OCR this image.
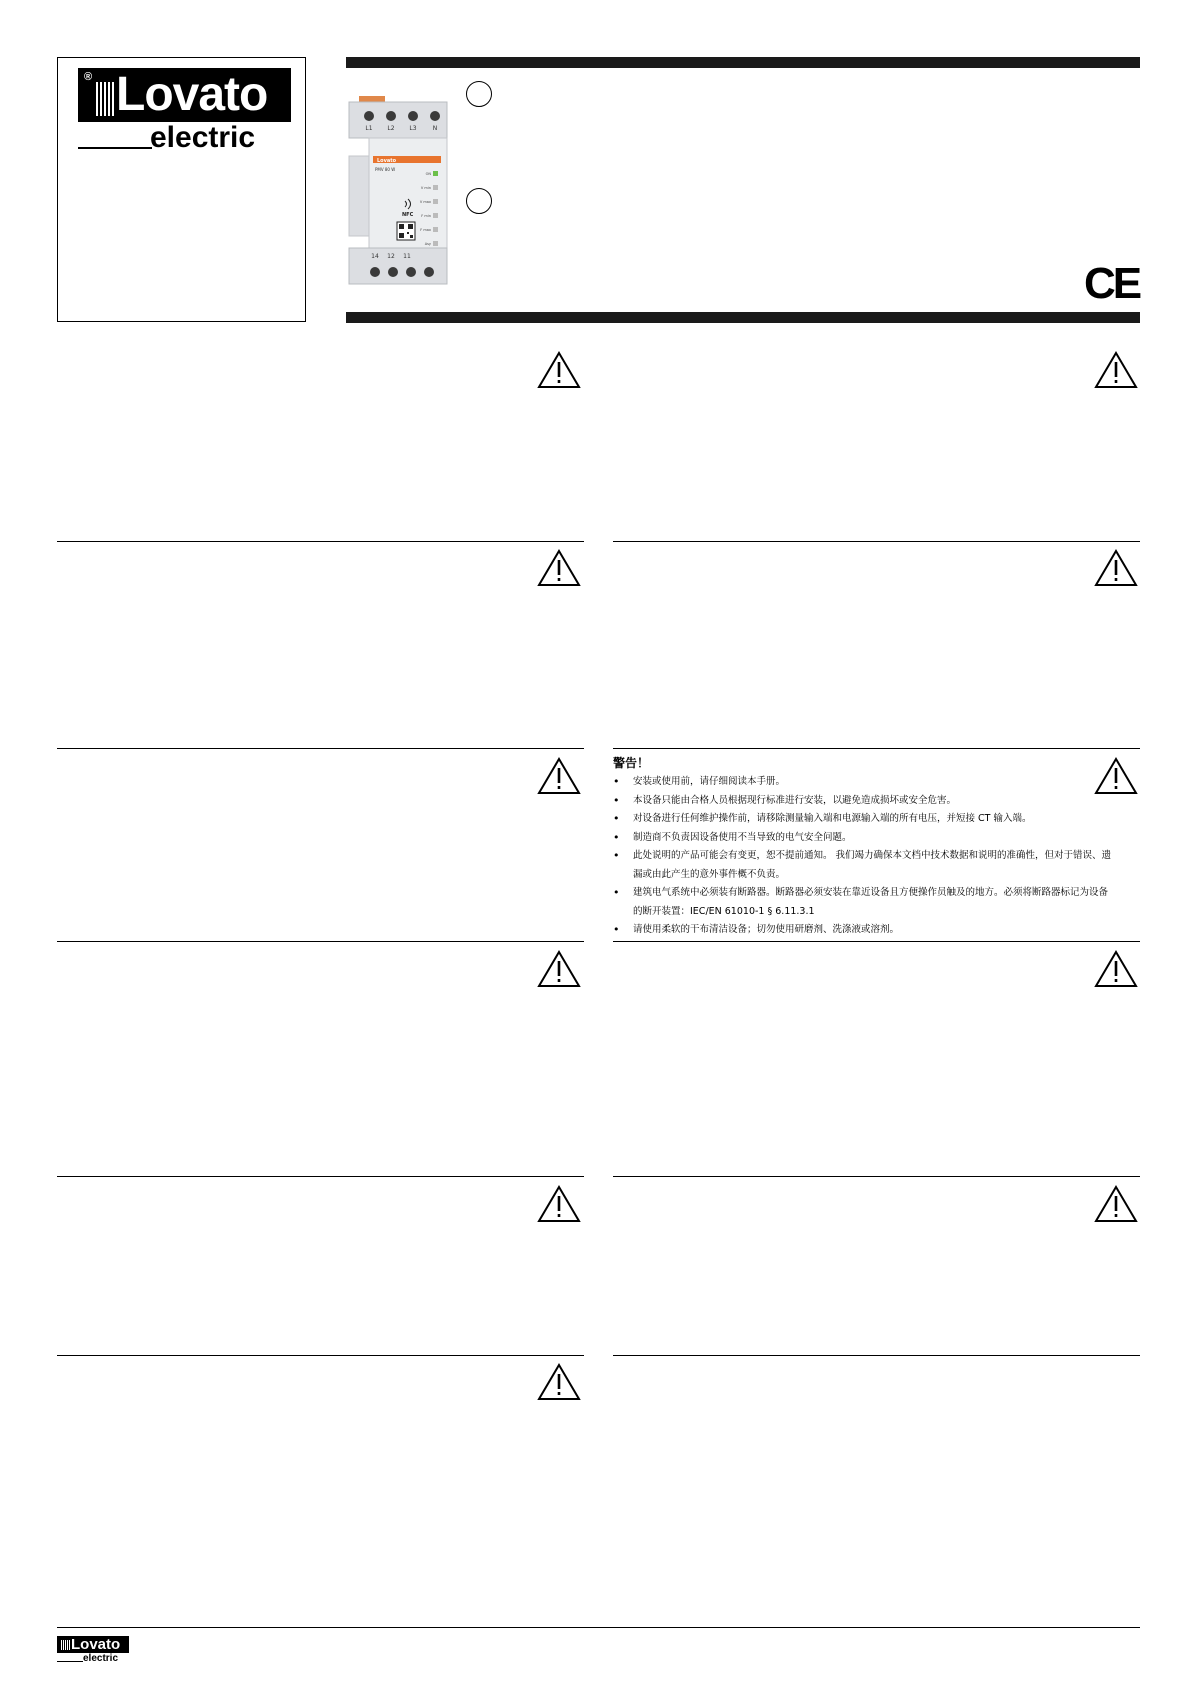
® Lovato
electric	L1 L2 L3	N
Lovato
PMV 80 W
NFC
ON
V min
V max
F min
F max
Asy
14 12 11
CE
警告！
• 安装或使用前，请仔细阅读本手册。
• 本设备只能由合格人员根据现行标准进行安装，以避免造成损坏或安全危害。
• 对设备进行任何维护操作前，请移除测量输入端和电源输入端的所有电压，并短接 CT 输入端。
• 制造商不负责因设备使用不当导致的电气安全问题。
• 此处说明的产品可能会有变更，恕不提前通知。 我们竭力确保本文档中技术数据和说明的准确性，但对于错误、遗漏或由此产生的意外事件概不负责。
• 建筑电气系统中必须装有断路器。断路器必须安装在靠近设备且方便操作员触及的地方。必须将断路器标记为设备的断开装置：IEC/EN 61010-1 § 6.11.3.1
• 请使用柔软的干布清洁设备；切勿使用研磨剂、洗涤液或溶剂。
Lovato
electric
